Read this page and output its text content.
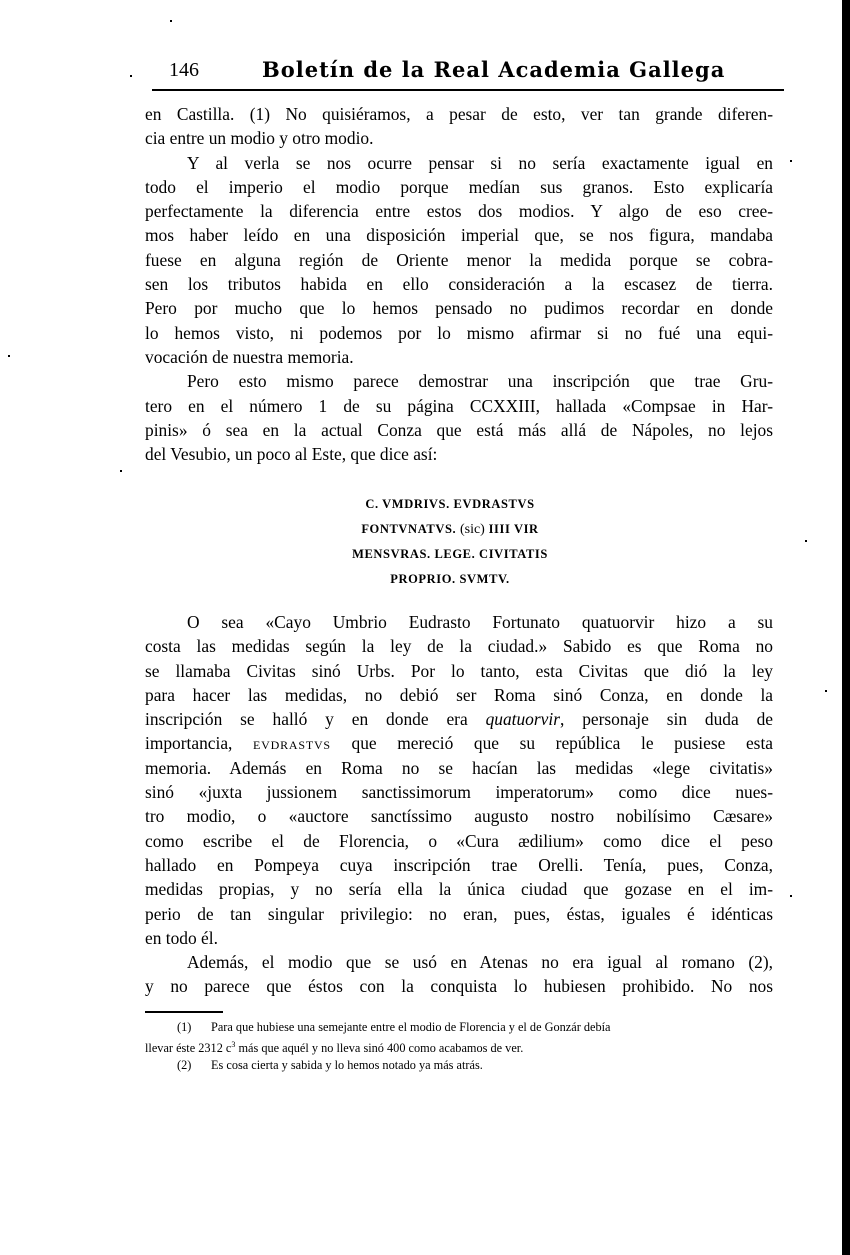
146	Boletín de la Real Academia Gallega
en Castilla. (1) No quisiéramos, a pesar de esto, ver tan grande diferen-
cia entre un modio y otro modio.
Y al verla se nos ocurre pensar si no sería exactamente igual en
todo el imperio el modio porque medían sus granos. Esto explicaría
perfectamente la diferencia entre estos dos modios. Y algo de eso cree-
mos haber leído en una disposición imperial que, se nos figura, mandaba
fuese en alguna región de Oriente menor la medida porque se cobra-
sen los tributos habida en ello consideración a la escasez de tierra.
Pero por mucho que lo hemos pensado no pudimos recordar en donde
lo hemos visto, ni podemos por lo mismo afirmar si no fué una equi-
vocación de nuestra memoria.
Pero esto mismo parece demostrar una inscripción que trae Gru-
tero en el número 1 de su página CCXXIII, hallada «Compsae in Har-
pinis» ó sea en la actual Conza que está más allá de Nápoles, no lejos
del Vesubio, un poco al Este, que dice así:
C. VMDRIVS. EVDRASTVS
FONTVNATVS. (sic) IIII VIR
MENSVRAS. LEGE. CIVITATIS
PROPRIO. SVMTV.
O sea «Cayo Umbrio Eudrasto Fortunato quatuorvir hizo a su
costa las medidas según la ley de la ciudad.» Sabido es que Roma no
se llamaba Civitas sinó Urbs. Por lo tanto, esta Civitas que dió la ley
para hacer las medidas, no debió ser Roma sinó Conza, en donde la
inscripción se halló y en donde era quatuorvir, personaje sin duda de
importancia, EVDRASTVS que mereció que su república le pusiese esta
memoria. Además en Roma no se hacían las medidas «lege civitatis»
sinó «juxta jussionem sanctissimorum imperatorum» como dice nues-
tro modio, o «auctore sanctíssimo augusto nostro nobilísimo Cæsare»
como escribe el de Florencia, o «Cura ædilium» como dice el peso
hallado en Pompeya cuya inscripción trae Orelli. Tenía, pues, Conza,
medidas propias, y no sería ella la única ciudad que gozase en el im-
perio de tan singular privilegio: no eran, pues, éstas, iguales é idénticas
en todo él.
Además, el modio que se usó en Atenas no era igual al romano (2),
y no parece que éstos con la conquista lo hubiesen prohibido. No nos
(1) Para que hubiese una semejante entre el modio de Florencia y el de Gonzár debía
llevar éste 2312 $c^3$ más que aquél y no lleva sinó 400 como acabamos de ver.
(2) Es cosa cierta y sabida y lo hemos notado ya más atrás.
